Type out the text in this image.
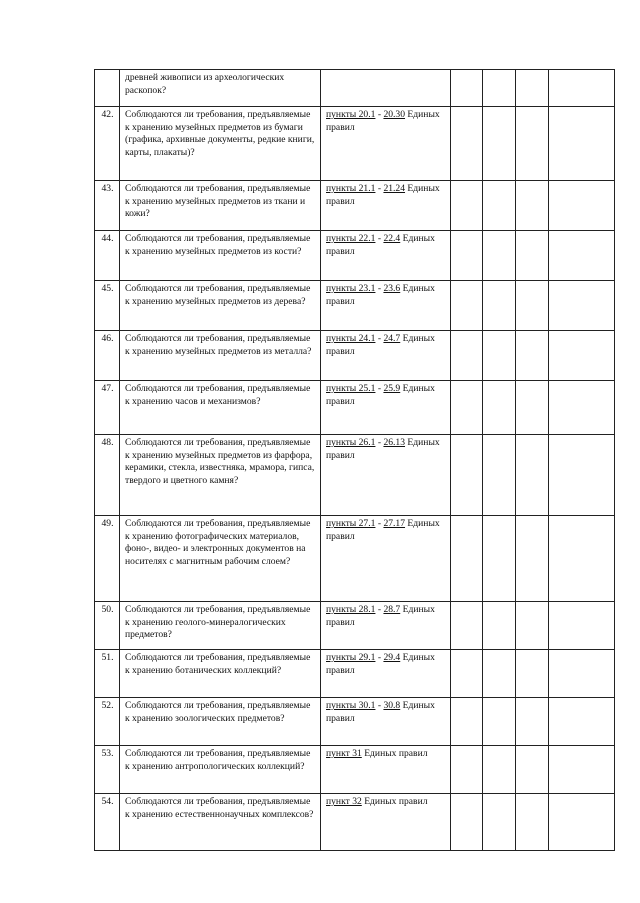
	древней живописи из археологических раскопок?					
42.	Соблюдаются ли требования, предъявляемые к хранению музейных предметов из бумаги (графика, архивные документы, редкие книги, карты, плакаты)?	пункты 20.1 - 20.30 Единых правил				
43.	Соблюдаются ли требования, предъявляемые к хранению музейных предметов из ткани и кожи?	пункты 21.1 - 21.24 Единых правил				
44.	Соблюдаются ли требования, предъявляемые к хранению музейных предметов из кости?	пункты 22.1 - 22.4 Единых правил				
45.	Соблюдаются ли требования, предъявляемые к хранению музейных предметов из дерева?	пункты 23.1 - 23.6 Единых правил				
46.	Соблюдаются ли требования, предъявляемые к хранению музейных предметов из металла?	пункты 24.1 - 24.7 Единых правил				
47.	Соблюдаются ли требования, предъявляемые к хранению часов и механизмов?	пункты 25.1 - 25.9 Единых правил				
48.	Соблюдаются ли требования, предъявляемые к хранению музейных предметов из фарфора, керамики, стекла, известняка, мрамора, гипса, твердого и цветного камня?	пункты 26.1 - 26.13 Единых правил				
49.	Соблюдаются ли требования, предъявляемые к хранению фотографических материалов, фоно-, видео- и электронных документов на носителях с магнитным рабочим слоем?	пункты 27.1 - 27.17 Единых правил				
50.	Соблюдаются ли требования, предъявляемые к хранению геолого-минералогических предметов?	пункты 28.1 - 28.7 Единых правил				
51.	Соблюдаются ли требования, предъявляемые к хранению ботанических коллекций?	пункты 29.1 - 29.4 Единых правил				
52.	Соблюдаются ли требования, предъявляемые к хранению зоологических предметов?	пункты 30.1 - 30.8 Единых правил				
53.	Соблюдаются ли требования, предъявляемые к хранению антропологических коллекций?	пункт 31 Единых правил				
54.	Соблюдаются ли требования, предъявляемые к хранению естественнонаучных комплексов?	пункт 32 Единых правил				
